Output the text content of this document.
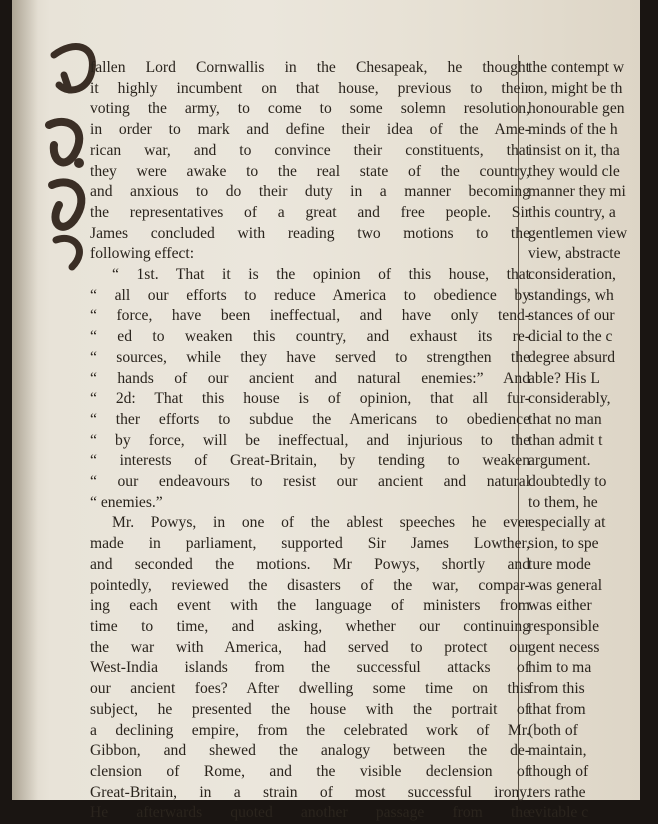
fallen Lord Cornwallis in the Chesapeak, he thought
it highly incumbent on that house, previous to their
voting the army, to come to some solemn resolution,
in order to mark and define their idea of the Ame-
rican war, and to convince their constituents, that
they were awake to the real state of the country,
and anxious to do their duty in a manner becoming
the representatives of a great and free people. Sir
James concluded with reading two motions to the
following effect:
“ 1st. That it is the opinion of this house, that
“ all our efforts to reduce America to obedience by
“ force, have been ineffectual, and have only tend-
“ ed to weaken this country, and exhaust its re-
“ sources, while they have served to strengthen the
“ hands of our ancient and natural enemies:” And
“ 2d: That this house is of opinion, that all fur-
“ ther efforts to subdue the Americans to obedience
“ by force, will be ineffectual, and injurious to the
“ interests of Great-Britain, by tending to weaken
“ our endeavours to resist our ancient and natural
“ enemies.”
Mr. Powys, in one of the ablest speeches he ever
made in parliament, supported Sir James Lowther,
and seconded the motions. Mr Powys, shortly and
pointedly, reviewed the disasters of the war, compar-
ing each event with the language of ministers from
time to time, and asking, whether our continuing
the war with America, had served to protect our
West-India islands from the successful attacks of
our ancient foes? After dwelling some time on this
subject, he presented the house with the portrait of
a declining empire, from the celebrated work of Mr.
Gibbon, and shewed the analogy between the de-
clension of Rome, and the visible declension of
Great-Britain, in a strain of most successful irony.
He afterwards quoted another passage from the
the contempt w
on, might be th
honourable gen
minds of the h
insist on it, tha
they would cle
manner they mi
this country, a
gentlemen view
view, abstracte
consideration,
standings, wh
stances of our
dicial to the c
degree absurd
able? His L
considerably,
that no man
than admit t
argument.
doubtedly to
to them, he
especially at
sion, to spe
ture mode
was general
was either
responsible
gent necess
him to ma
from this
that from
(both of
maintain,
though of
ters rathe
evitable c
